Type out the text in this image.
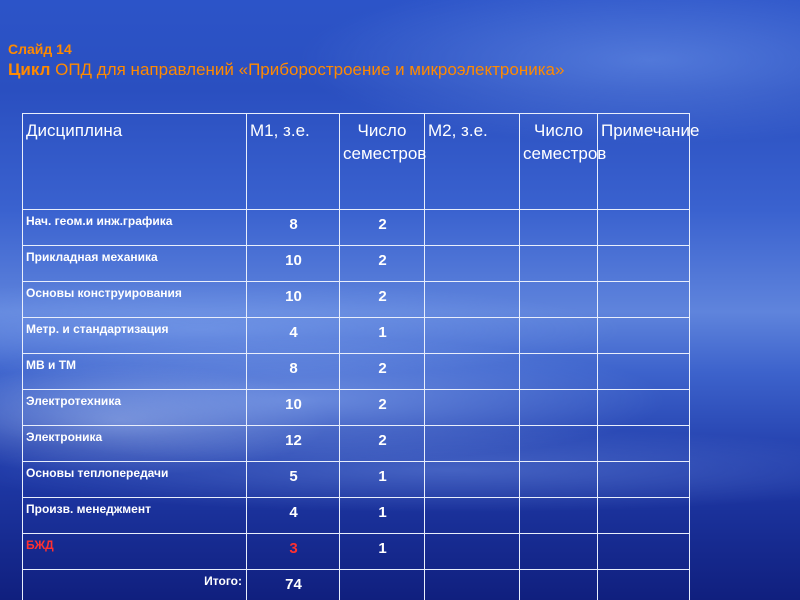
Слайд 14
Цикл ОПД для направлений «Приборостроение и микроэлектроника»
Дисциплина	М1, з.е.	Число семестров	М2, з.е.	Число семестров	Примечание
Нач. геом.и инж.графика	8	2			
Прикладная механика	10	2			
Основы конструирования	10	2			
Метр. и стандартизация	4	1			
МВ и ТМ	8	2			
Электротехника	10	2			
Электроника	12	2			
Основы теплопередачи	5	1			
Произв. менеджмент	4	1			
БЖД	3	1			
Итого:	74				
